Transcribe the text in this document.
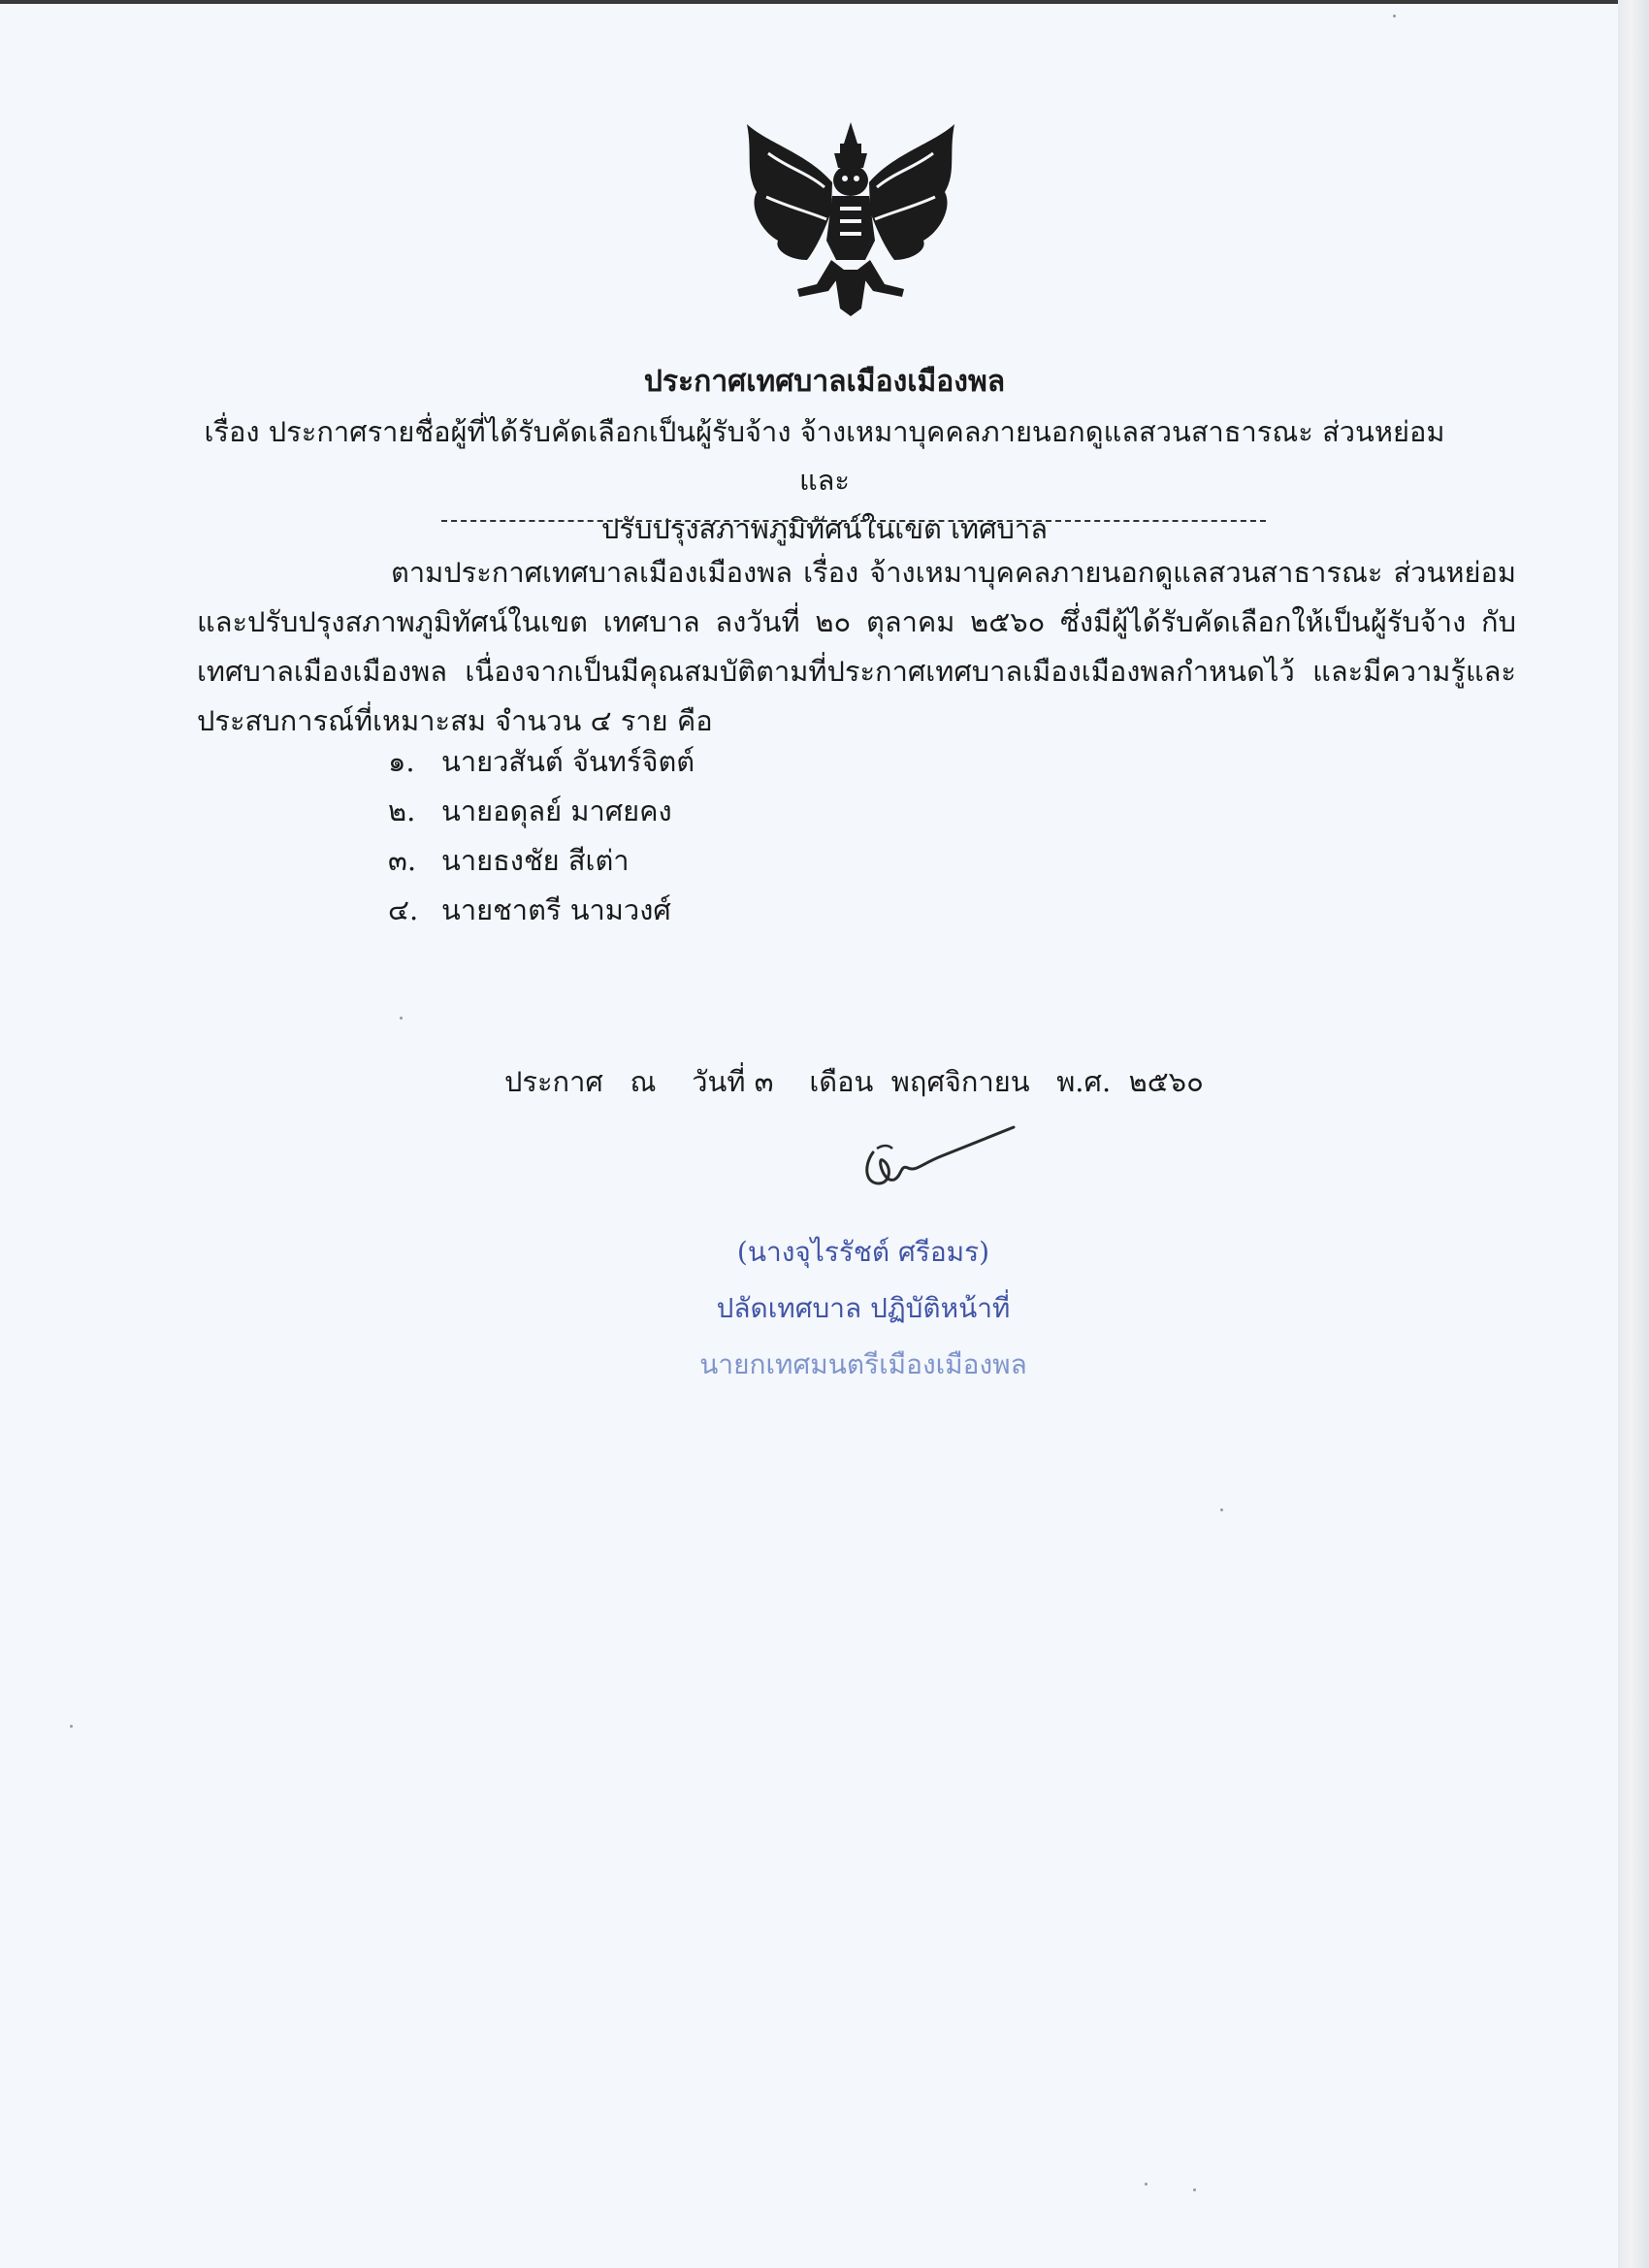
ประกาศเทศบาลเมืองเมืองพล
เรื่อง ประกาศรายชื่อผู้ที่ได้รับคัดเลือกเป็นผู้รับจ้าง จ้างเหมาบุคคลภายนอกดูแลสวนสาธารณะ ส่วนหย่อม และ
ปรับปรุงสภาพภูมิทัศน์ในเขต เทศบาล
ตามประกาศเทศบาลเมืองเมืองพล เรื่อง จ้างเหมาบุคคลภายนอกดูแลสวนสาธารณะ ส่วนหย่อม และปรับปรุงสภาพภูมิทัศน์ในเขต เทศบาล ลงวันที่ ๒๐ ตุลาคม ๒๕๖๐ ซึ่งมีผู้ได้รับคัดเลือกให้เป็นผู้รับจ้าง กับเทศบาลเมืองเมืองพล เนื่องจากเป็นมีคุณสมบัติตามที่ประกาศเทศบาลเมืองเมืองพลกำหนดไว้ และมีความรู้และประสบการณ์ที่เหมาะสม จำนวน ๔ ราย คือ
๑. นายวสันต์ จันทร์จิตต์
๒. นายอดุลย์ มาศยคง
๓. นายธงชัย สีเต่า
๔. นายชาตรี นามวงศ์
ประกาศ   ณ    วันที่ ๓    เดือน  พฤศจิกายน   พ.ศ.  ๒๕๖๐
(นางจุไรรัชต์ ศรีอมร)
ปลัดเทศบาล ปฏิบัติหน้าที่
นายกเทศมนตรีเมืองเมืองพล
